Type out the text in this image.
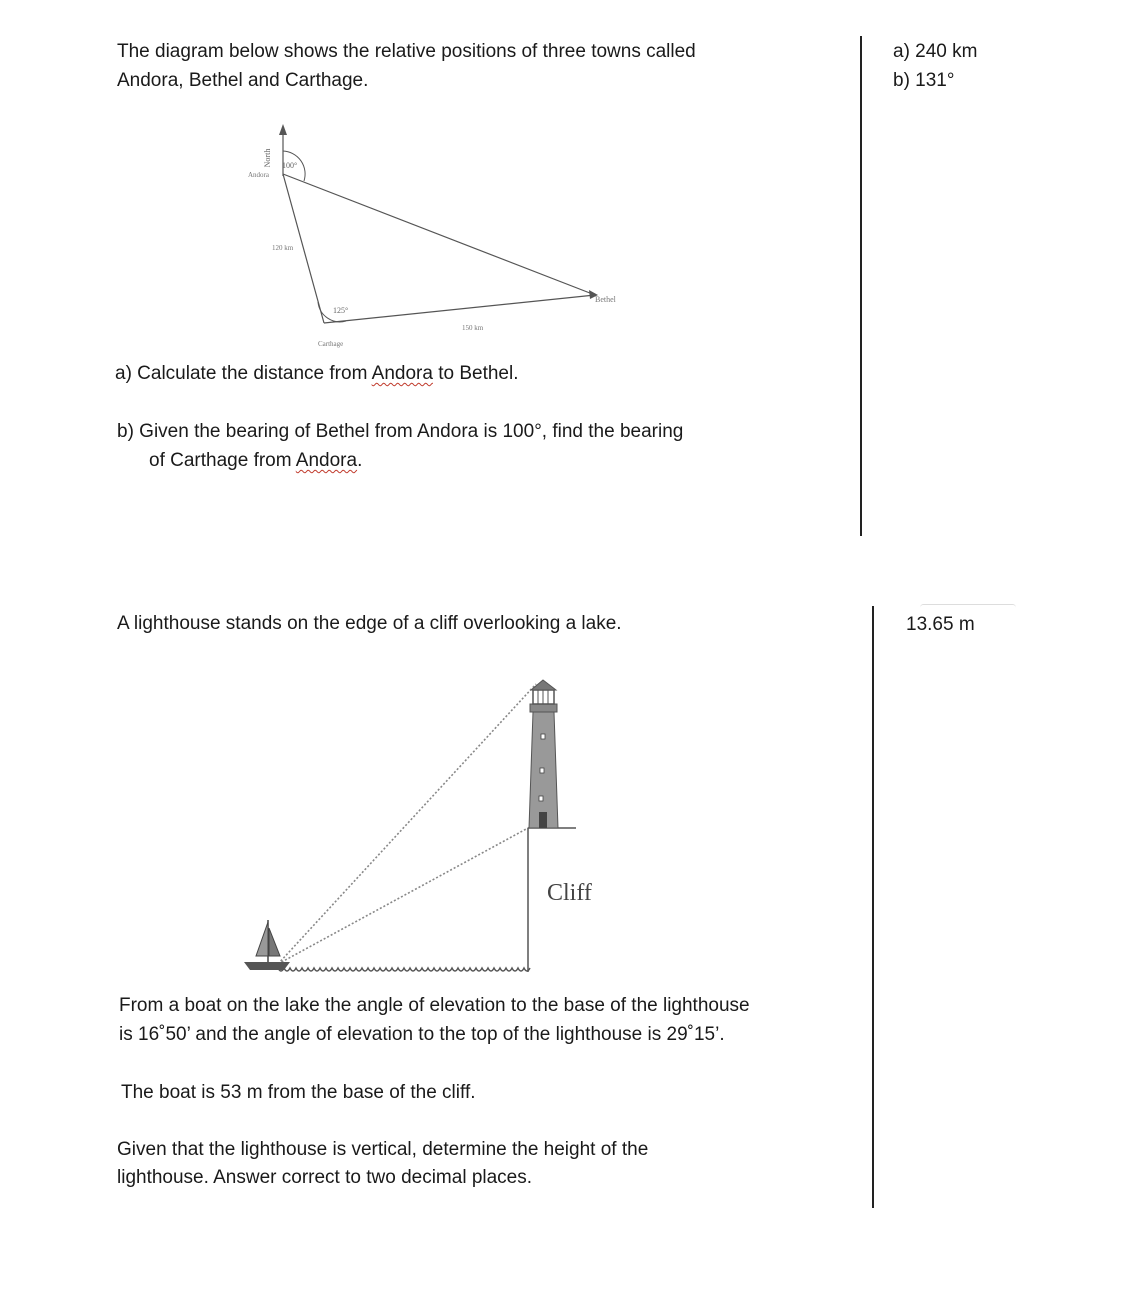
The diagram below shows the relative positions of three towns called
Andora, Bethel and Carthage.
North 100°
125°
Andora
Bethel
Carthage
120 km
150 km
a) Calculate the distance from Andora to Bethel.
b) Given the bearing of Bethel from Andora is 100°, find the bearing
of Carthage from Andora.
a) 240 km
b) 131°
A lighthouse stands on the edge of a cliff overlooking a lake.
Cliff
From a boat on the lake the angle of elevation to the base of the lighthouse
is 16˚50’ and the angle of elevation to the top of the lighthouse is 29˚15’.
The boat is 53 m from the base of the cliff.
Given that the lighthouse is vertical, determine the height of the
lighthouse. Answer correct to two decimal places.
13.65 m
